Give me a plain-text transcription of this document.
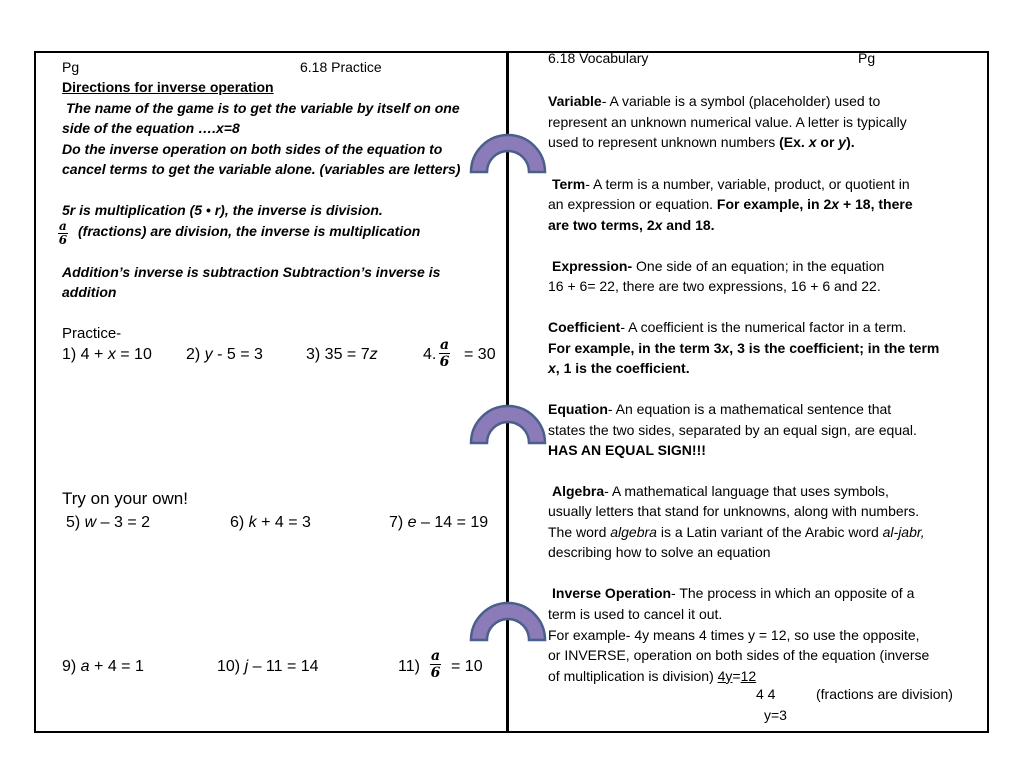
Pg	6.18 Practice
Directions for inverse operation
The name of the game is to get the variable by itself on one
side of the equation ….x=8
Do the inverse operation on both sides of the equation to
cancel terms to get the variable alone. (variables are letters)
5r is multiplication (5 • r), the inverse is division.
$\frac{a}{6}$ (fractions) are division, the inverse is multiplication
Addition’s inverse is subtraction Subtraction’s inverse is
addition
Practice-
1) 4 + x = 10 2) y - 5 = 3	3) 35 = 7z	4. $\frac{a}{6} = 30$
Try on your own!
5) w – 3 = 2	6) k + 4 = 3	7) e – 14 = 19
9) a + 4 = 1	10) j – 11 = 14	$11) \frac{a}{6} = 10$
6.18 Vocabulary	Pg
Variable- A variable is a symbol (placeholder) used to
represent an unknown numerical value. A letter is typically
used to represent unknown numbers (Ex. x or y).
Term- A term is a number, variable, product, or quotient in
an expression or equation. For example, in 2x + 18, there
are two terms, 2x and 18.
Expression- One side of an equation; in the equation
16 + 6= 22, there are two expressions, 16 + 6 and 22.
Coefficient- A coefficient is the numerical factor in a term.
For example, in the term 3x, 3 is the coefficient; in the term
x, 1 is the coefficient.
Equation- An equation is a mathematical sentence that
states the two sides, separated by an equal sign, are equal.
HAS AN EQUAL SIGN!!!
Algebra- A mathematical language that uses symbols,
usually letters that stand for unknowns, along with numbers.
The word algebra is a Latin variant of the Arabic word al-jabr,
describing how to solve an equation
Inverse Operation- The process in which an opposite of a
term is used to cancel it out.
For example- 4y means 4 times y = 12, so use the opposite,
or INVERSE, operation on both sides of the equation (inverse
of multiplication is division) 4y=12
4 4	(fractions are division)
y=3
